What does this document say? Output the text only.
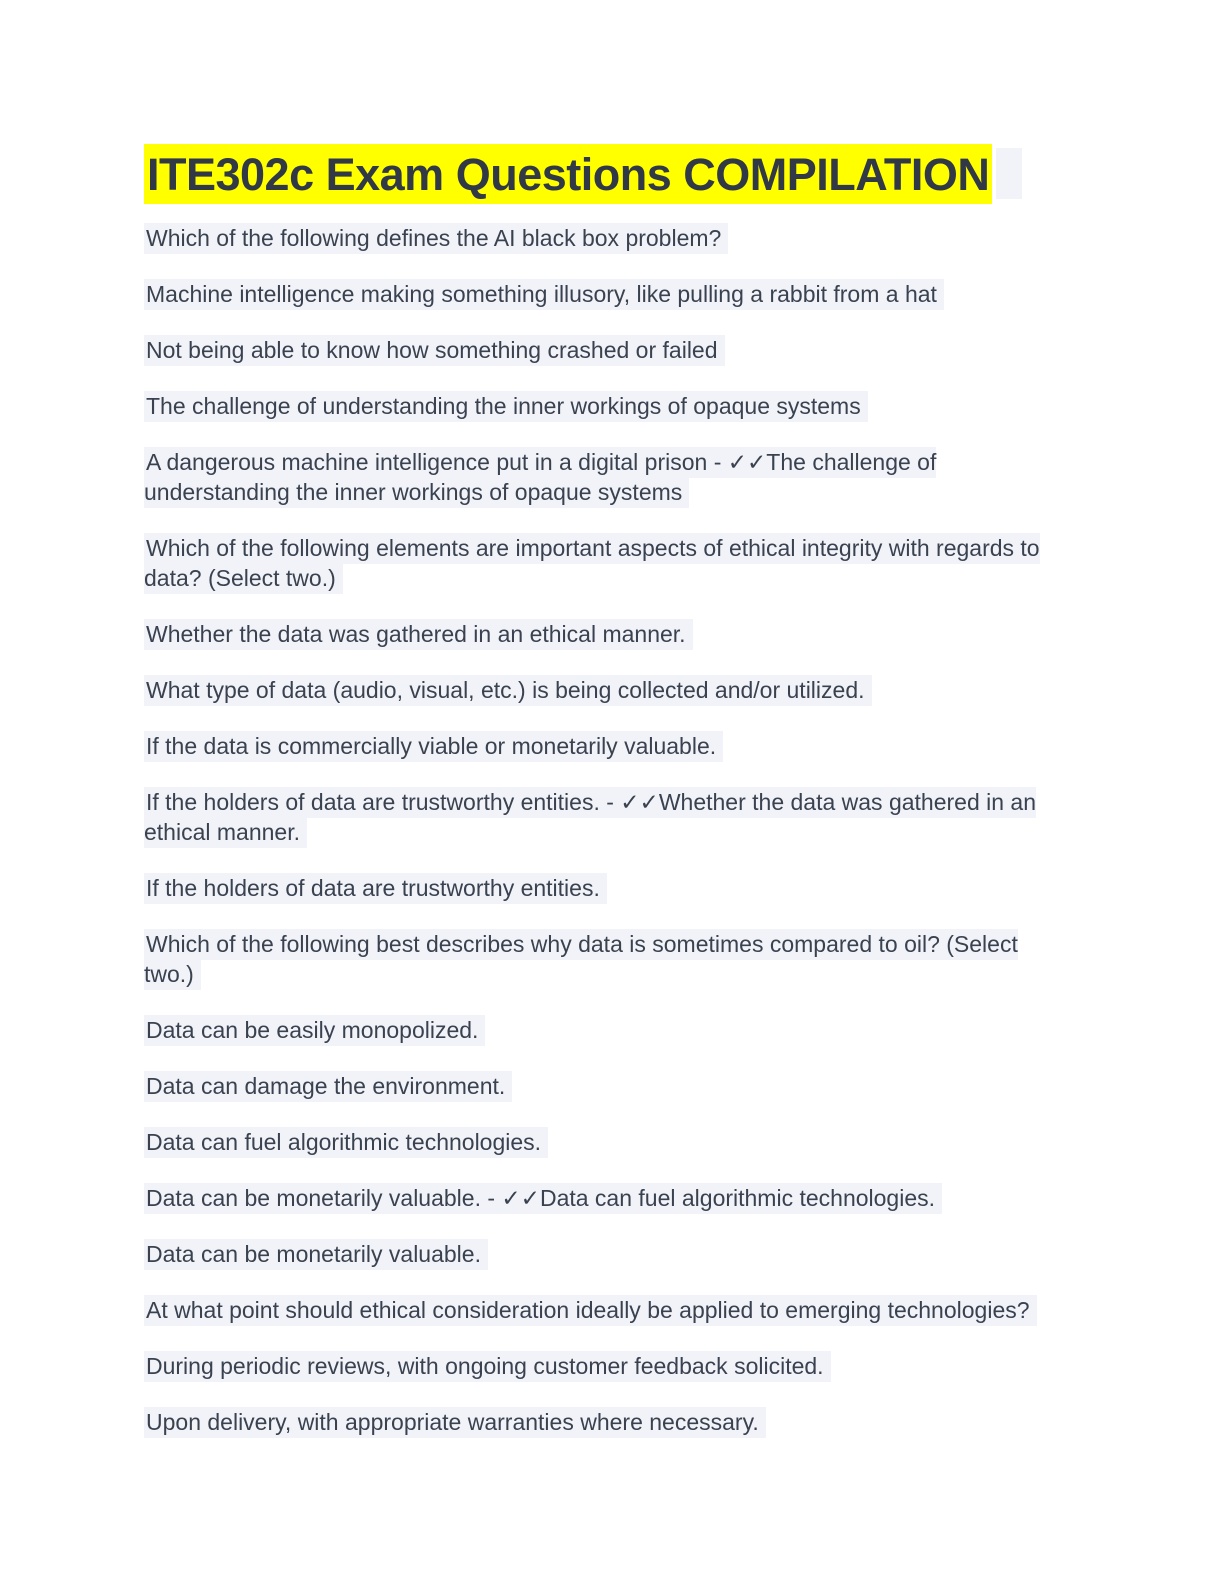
ITE302c Exam Questions COMPILATION

Which of the following defines the AI black box problem?

Machine intelligence making something illusory, like pulling a rabbit from a hat

Not being able to know how something crashed or failed

The challenge of understanding the inner workings of opaque systems

A dangerous machine intelligence put in a digital prison - ✓✓The challenge of understanding the inner workings of opaque systems

Which of the following elements are important aspects of ethical integrity with regards to data? (Select two.)

Whether the data was gathered in an ethical manner.

What type of data (audio, visual, etc.) is being collected and/or utilized.

If the data is commercially viable or monetarily valuable.

If the holders of data are trustworthy entities. - ✓✓Whether the data was gathered in an ethical manner.

If the holders of data are trustworthy entities.

Which of the following best describes why data is sometimes compared to oil? (Select two.)

Data can be easily monopolized.

Data can damage the environment.

Data can fuel algorithmic technologies.

Data can be monetarily valuable. - ✓✓Data can fuel algorithmic technologies.

Data can be monetarily valuable.

At what point should ethical consideration ideally be applied to emerging technologies?

During periodic reviews, with ongoing customer feedback solicited.

Upon delivery, with appropriate warranties where necessary.
